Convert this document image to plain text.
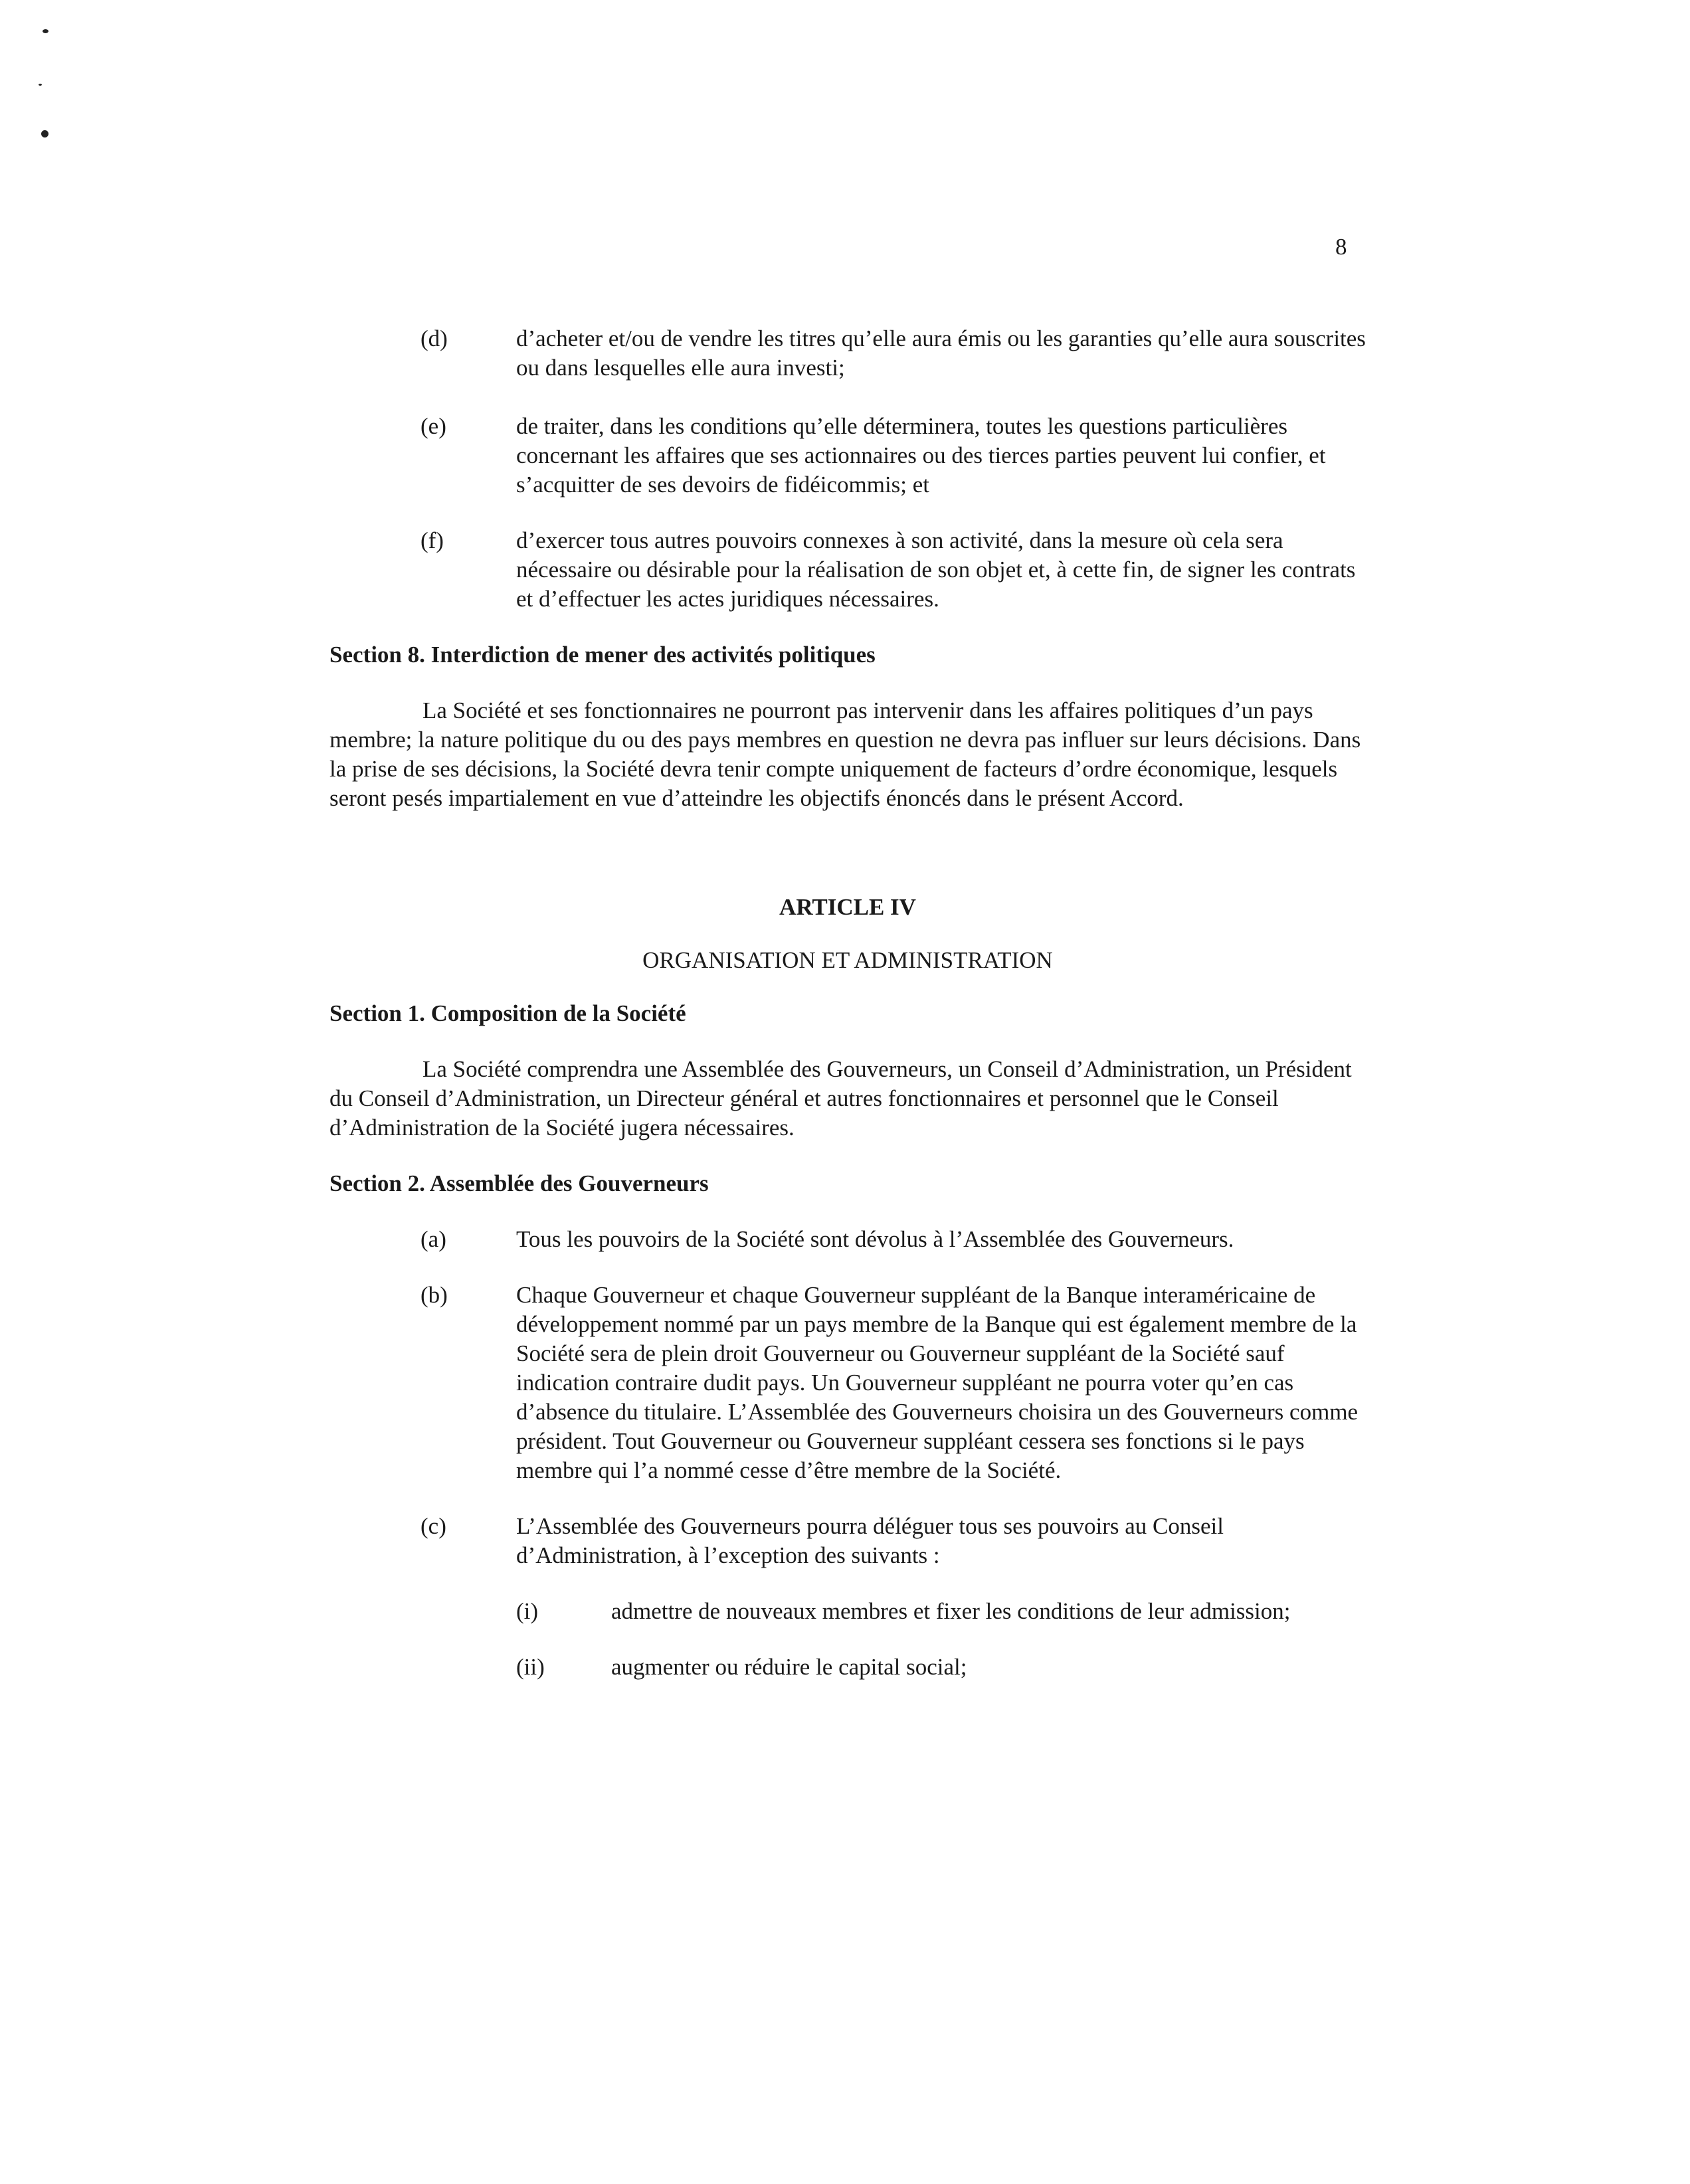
8
(d)	d’acheter et/ou de vendre les titres qu’elle aura émis ou les garanties qu’elle aura souscrites ou dans lesquelles elle aura investi;

(e)	de traiter, dans les conditions qu’elle déterminera, toutes les questions particulières concernant les affaires que ses actionnaires ou des tierces parties peuvent lui confier, et s’acquitter de ses devoirs de fidéicommis; et

(f)	d’exercer tous autres pouvoirs connexes à son activité, dans la mesure où cela sera nécessaire ou désirable pour la réalisation de son objet et, à cette fin, de signer les contrats et d’effectuer les actes juridiques nécessaires.

Section 8. Interdiction de mener des activités politiques

La Société et ses fonctionnaires ne pourront pas intervenir dans les affaires politiques d’un pays membre; la nature politique du ou des pays membres en question ne devra pas influer sur leurs décisions. Dans la prise de ses décisions, la Société devra tenir compte uniquement de facteurs d’ordre économique, lesquels seront pesés impartialement en vue d’atteindre les objectifs énoncés dans le présent Accord.

ARTICLE IV

ORGANISATION ET ADMINISTRATION

Section 1. Composition de la Société

La Société comprendra une Assemblée des Gouverneurs, un Conseil d’Administration, un Président du Conseil d’Administration, un Directeur général et autres fonctionnaires et personnel que le Conseil d’Administration de la Société jugera nécessaires.

Section 2. Assemblée des Gouverneurs

(a)	Tous les pouvoirs de la Société sont dévolus à l’Assemblée des Gouverneurs.

(b)	Chaque Gouverneur et chaque Gouverneur suppléant de la Banque interaméricaine de développement nommé par un pays membre de la Banque qui est également membre de la Société sera de plein droit Gouverneur ou Gouverneur suppléant de la Société sauf indication contraire dudit pays. Un Gouverneur suppléant ne pourra voter qu’en cas d’absence du titulaire. L’Assemblée des Gouverneurs choisira un des Gouverneurs comme président. Tout Gouverneur ou Gouverneur suppléant cessera ses fonctions si le pays membre qui l’a nommé cesse d’être membre de la Société.

(c)	L’Assemblée des Gouverneurs pourra déléguer tous ses pouvoirs au Conseil d’Administration, à l’exception des suivants :

(i)	admettre de nouveaux membres et fixer les conditions de leur admission;

(ii)	augmenter ou réduire le capital social;
